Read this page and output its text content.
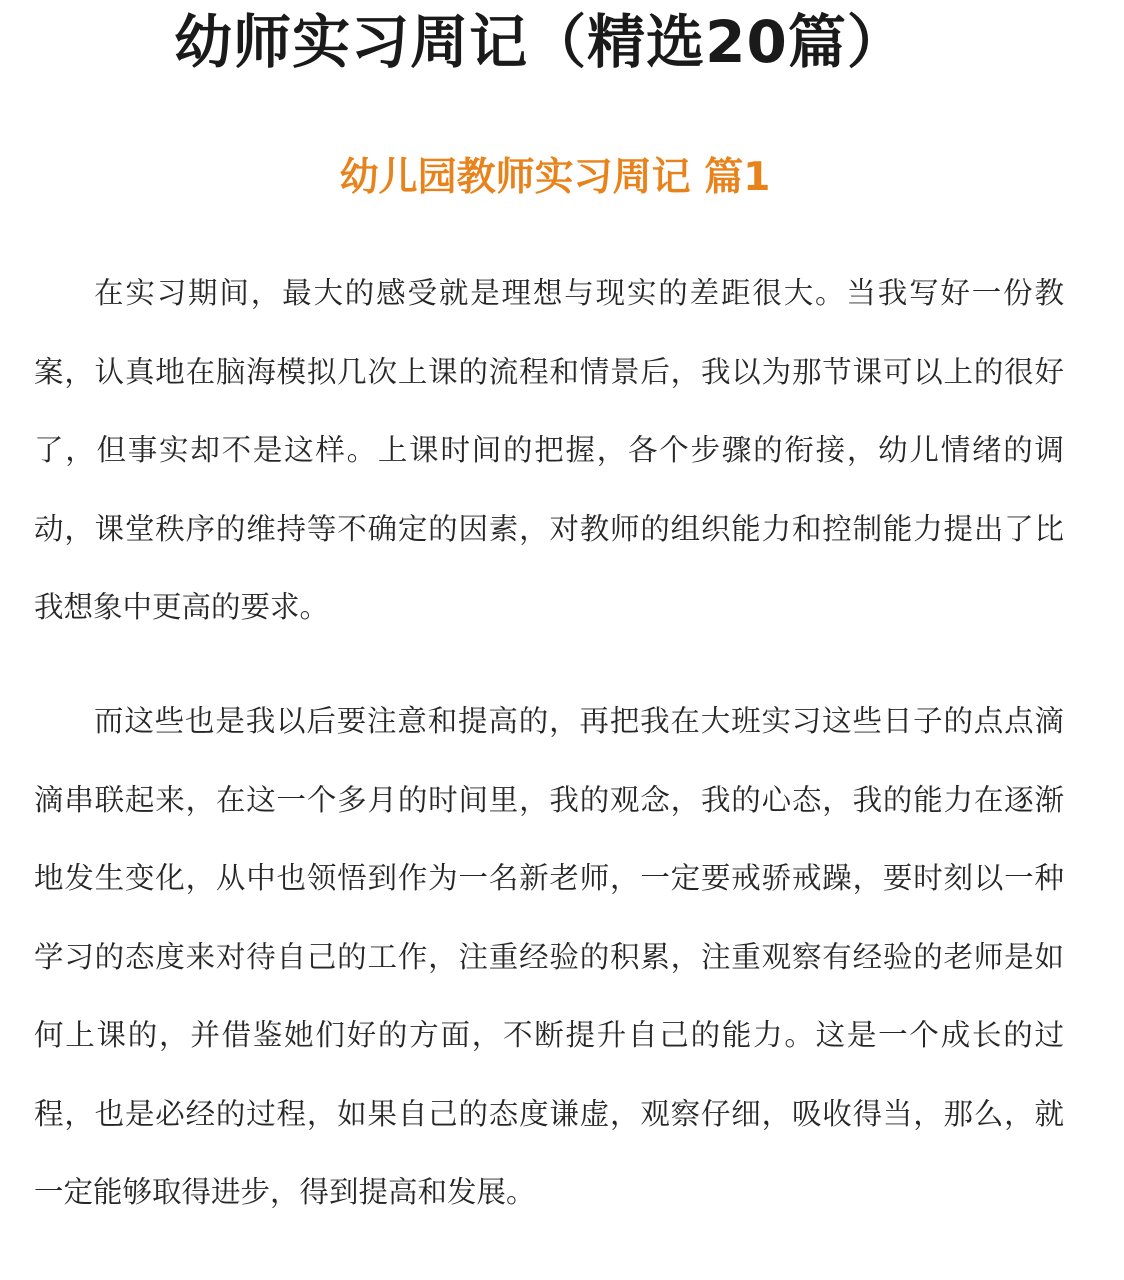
幼师实习周记（精选20篇）
幼儿园教师实习周记 篇1

在实习期间，最大的感受就是理想与现实的差距很大。当我写好一份教案，认真地在脑海模拟几次上课的流程和情景后，我以为那节课可以上的很好了，但事实却不是这样。上课时间的把握，各个步骤的衔接，幼儿情绪的调动，课堂秩序的维持等不确定的因素，对教师的组织能力和控制能力提出了比我想象中更高的要求。

而这些也是我以后要注意和提高的，再把我在大班实习这些日子的点点滴滴串联起来，在这一个多月的时间里，我的观念，我的心态，我的能力在逐渐地发生变化，从中也领悟到作为一名新老师，一定要戒骄戒躁，要时刻以一种学习的态度来对待自己的工作，注重经验的积累，注重观察有经验的老师是如何上课的，并借鉴她们好的方面，不断提升自己的能力。这是一个成长的过程，也是必经的过程，如果自己的态度谦虚，观察仔细，吸收得当，那么，就一定能够取得进步，得到提高和发展。
